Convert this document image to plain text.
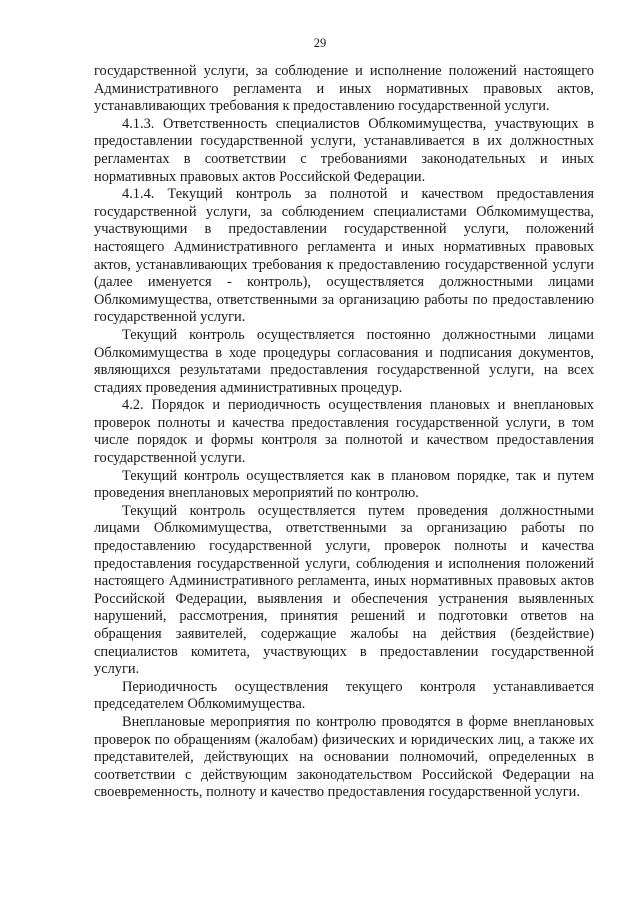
29

государственной услуги, за соблюдение и исполнение положений настоящего Административного регламента и иных нормативных правовых актов, устанавливающих требования к предоставлению государственной услуги.

4.1.3. Ответственность специалистов Облкомимущества, участвующих в предоставлении государственной услуги, устанавливается в их должностных регламентах в соответствии с требованиями законодательных и иных нормативных правовых актов Российской Федерации.

4.1.4. Текущий контроль за полнотой и качеством предоставления государственной услуги, за соблюдением специалистами Облкомимущества, участвующими в предоставлении государственной услуги, положений настоящего Административного регламента и иных нормативных правовых актов, устанавливающих требования к предоставлению государственной услуги (далее именуется - контроль), осуществляется должностными лицами Облкомимущества, ответственными за организацию работы по предоставлению государственной услуги.

Текущий контроль осуществляется постоянно должностными лицами Облкомимущества в ходе процедуры согласования и подписания документов, являющихся результатами предоставления государственной услуги, на всех стадиях проведения административных процедур.

4.2. Порядок и периодичность осуществления плановых и внеплановых проверок полноты и качества предоставления государственной услуги, в том числе порядок и формы контроля за полнотой и качеством предоставления государственной услуги.

Текущий контроль осуществляется как в плановом порядке, так и путем проведения внеплановых мероприятий по контролю.

Текущий контроль осуществляется путем проведения должностными лицами Облкомимущества, ответственными за организацию работы по предоставлению государственной услуги, проверок полноты и качества предоставления государственной услуги, соблюдения и исполнения положений настоящего Административного регламента, иных нормативных правовых актов Российской Федерации, выявления и обеспечения устранения выявленных нарушений, рассмотрения, принятия решений и подготовки ответов на обращения заявителей, содержащие жалобы на действия (бездействие) специалистов комитета, участвующих в предоставлении государственной услуги.

Периодичность осуществления текущего контроля устанавливается председателем Облкомимущества.

Внеплановые мероприятия по контролю проводятся в форме внеплановых проверок по обращениям (жалобам) физических и юридических лиц, а также их представителей, действующих на основании полномочий, определенных в соответствии с действующим законодательством Российской Федерации на своевременность, полноту и качество предоставления государственной услуги.
